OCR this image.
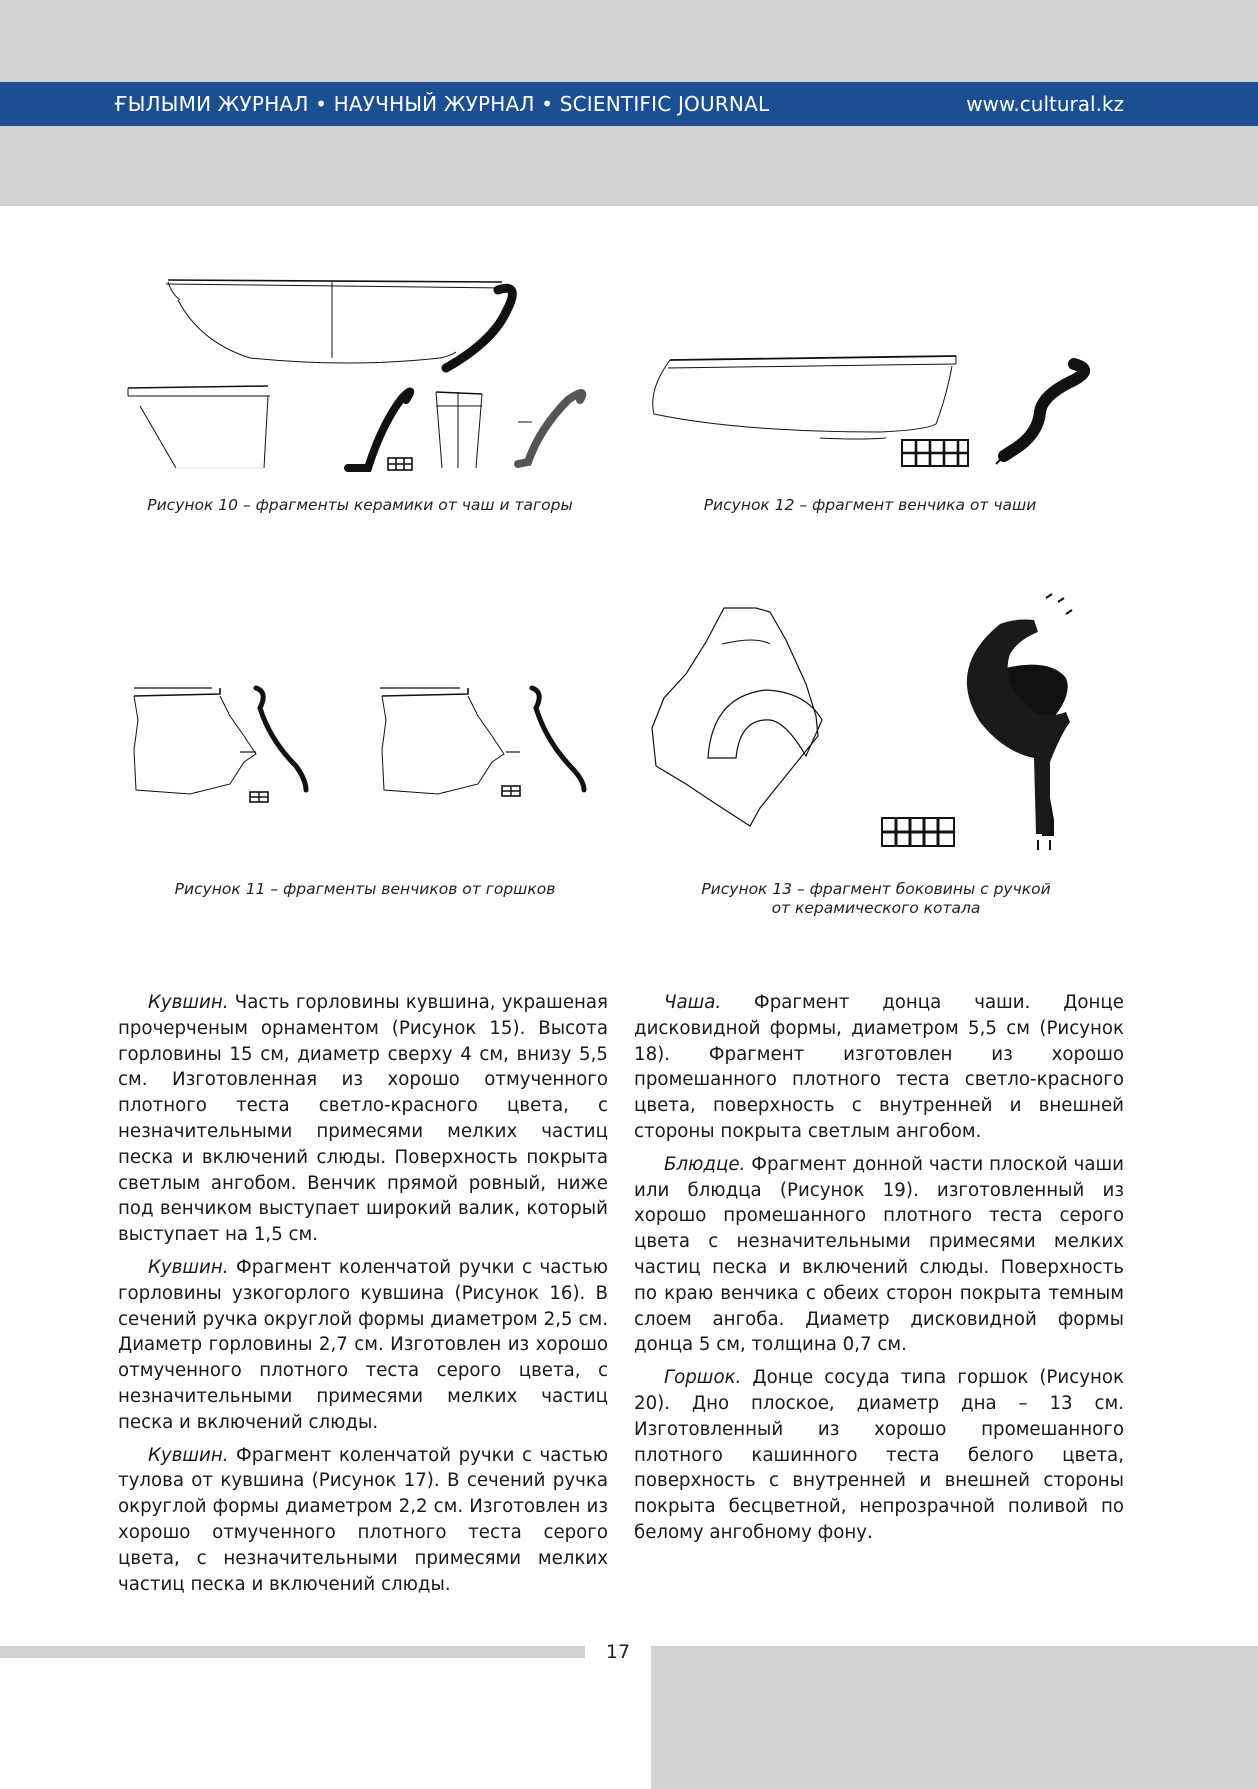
ҒЫЛЫМИ ЖУРНАЛ • НАУЧНЫЙ ЖУРНАЛ • SCIENTIFIC JOURNAL	www.cultural.kz
Рисунок 10 – фрагменты керамики от чаш и тагоры	Рисунок 12 – фрагмент венчика от чаши
Рисунок 11 – фрагменты венчиков от горшков	Рисунок 13 – фрагмент боковины с ручкой
от керамического котала

Кувшин. Часть горловины кувшина, украшеная прочерченым орнаментом (Рисунок 15). Высота горловины 15 см, диаметр сверху 4 см, внизу 5,5 см. Изготовленная из хорошо отмученного плотного теста светло-красного цвета, с незначительными примесями мелких частиц песка и включений слюды. Поверхность покрыта светлым ангобом. Венчик прямой ровный, ниже под венчиком выступает широкий валик, который выступает на 1,5 см.

Кувшин. Фрагмент коленчатой ручки с частью горловины узкогорлого кувшина (Рисунок 16). В сечений ручка округлой формы диаметром 2,5 см. Диаметр горловины 2,7 см. Изготовлен из хорошо отмученного плотного теста серого цвета, с незначительными примесями мелких частиц песка и включений слюды.

Кувшин. Фрагмент коленчатой ручки с частью тулова от кувшина (Рисунок 17). В сечений ручка округлой формы диаметром 2,2 см. Изготовлен из хорошо отмученного плотного теста серого цвета, с незначительными примесями мелких частиц песка и включений слюды.

Чаша. Фрагмент донца чаши. Донце дисковидной формы, диаметром 5,5 см (Рисунок 18). Фрагмент изготовлен из хорошо промешанного плотного теста светло-красного цвета, поверхность с внутренней и внешней стороны покрыта светлым ангобом.

Блюдце. Фрагмент донной части плоской чаши или блюдца (Рисунок 19). изготовленный из хорошо промешанного плотного теста серого цвета с незначительными примесями мелких частиц песка и включений слюды. Поверхность по краю венчика с обеих сторон покрыта темным слоем ангоба. Диаметр дисковидной формы донца 5 см, толщина 0,7 см.

Горшок. Донце сосуда типа горшок (Рисунок 20). Дно плоское, диаметр дна – 13 см. Изготовленный из хорошо промешанного плотного кашинного теста белого цвета, поверхность с внутренней и внешней стороны покрыта бесцветной, непрозрачной поливой по белому ангобному фону.

17
